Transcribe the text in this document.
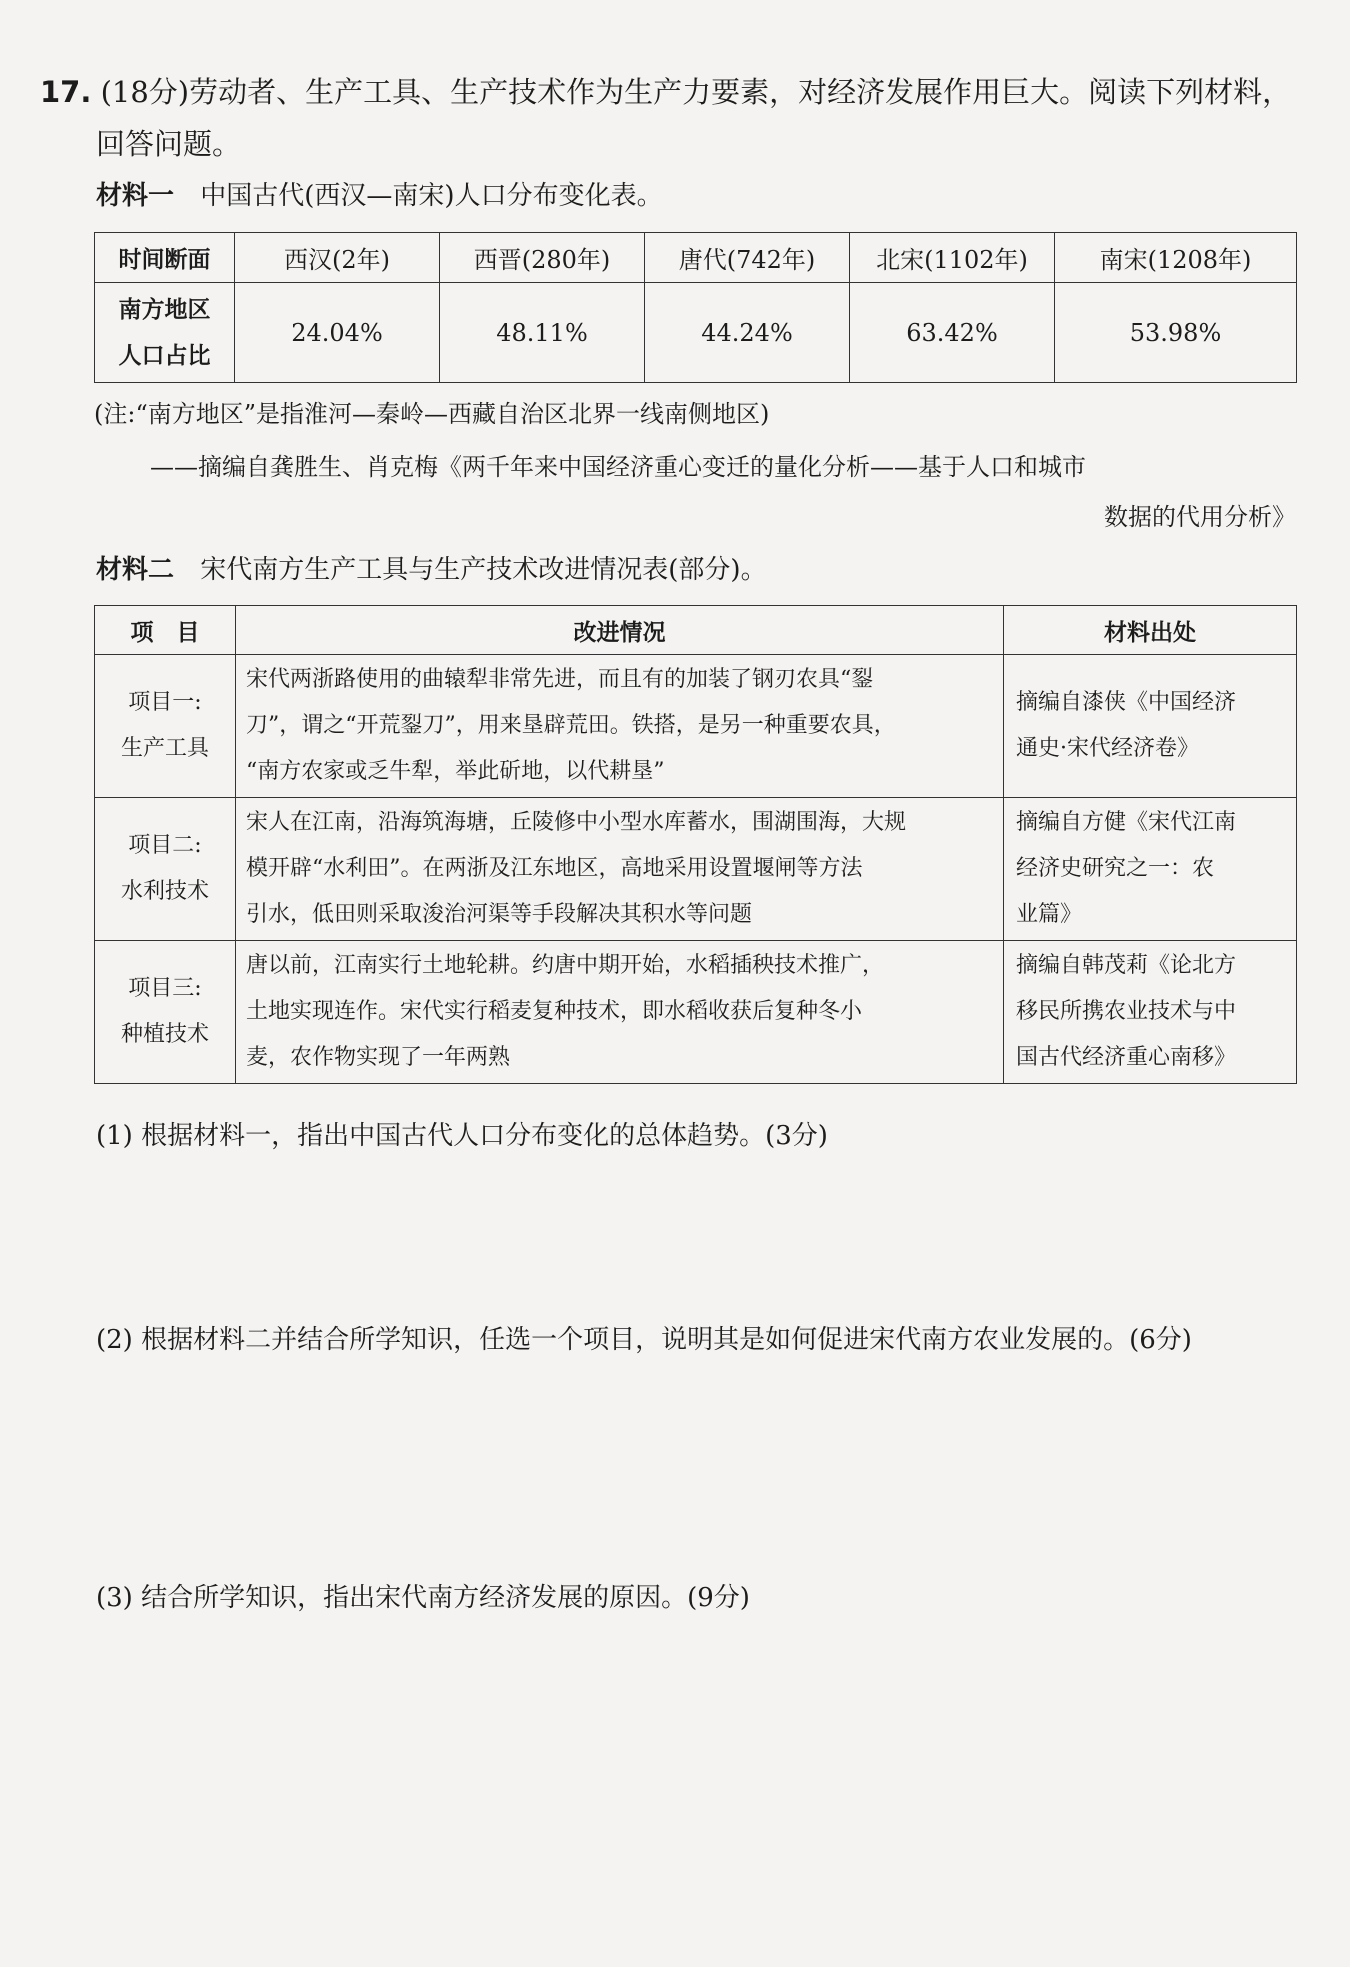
17. (18分)劳动者、生产工具、生产技术作为生产力要素，对经济发展作用巨大。阅读下列材料，
回答问题。
材料一 中国古代(西汉—南宋)人口分布变化表。
时间断面	西汉(2年)	西晋(280年)	唐代(742年)	北宋(1102年)	南宋(1208年)

南方地区
人口占比	24.04%	48.11%	44.24%	63.42%	53.98%
(注:“南方地区”是指淮河—秦岭—西藏自治区北界一线南侧地区)
——摘编自龚胜生、肖克梅《两千年来中国经济重心变迁的量化分析——基于人口和城市
数据的代用分析》
材料二 宋代南方生产工具与生产技术改进情况表(部分)。
项　目	改进情况	材料出处

项目一:
生产工具	宋代两浙路使用的曲辕犁非常先进，而且有的加装了钢刃农具“銐
刀”，谓之“开荒銐刀”，用来垦辟荒田。铁搭，是另一种重要农具，
“南方农家或乏牛犁，举此斫地，以代耕垦”	摘编自漆侠《中国经济
通史·宋代经济卷》

项目二:
水利技术	宋人在江南，沿海筑海塘，丘陵修中小型水库蓄水，围湖围海，大规
模开辟“水利田”。在两浙及江东地区，高地采用设置堰闸等方法
引水，低田则采取浚治河渠等手段解决其积水等问题	摘编自方健《宋代江南
经济史研究之一：农
业篇》

项目三:
种植技术	唐以前，江南实行土地轮耕。约唐中期开始，水稻插秧技术推广，
土地实现连作。宋代实行稻麦复种技术，即水稻收获后复种冬小
麦，农作物实现了一年两熟	摘编自韩茂莉《论北方
移民所携农业技术与中
国古代经济重心南移》
(1) 根据材料一，指出中国古代人口分布变化的总体趋势。(3分)
(2) 根据材料二并结合所学知识，任选一个项目，说明其是如何促进宋代南方农业发展的。(6分)
(3) 结合所学知识，指出宋代南方经济发展的原因。(9分)
